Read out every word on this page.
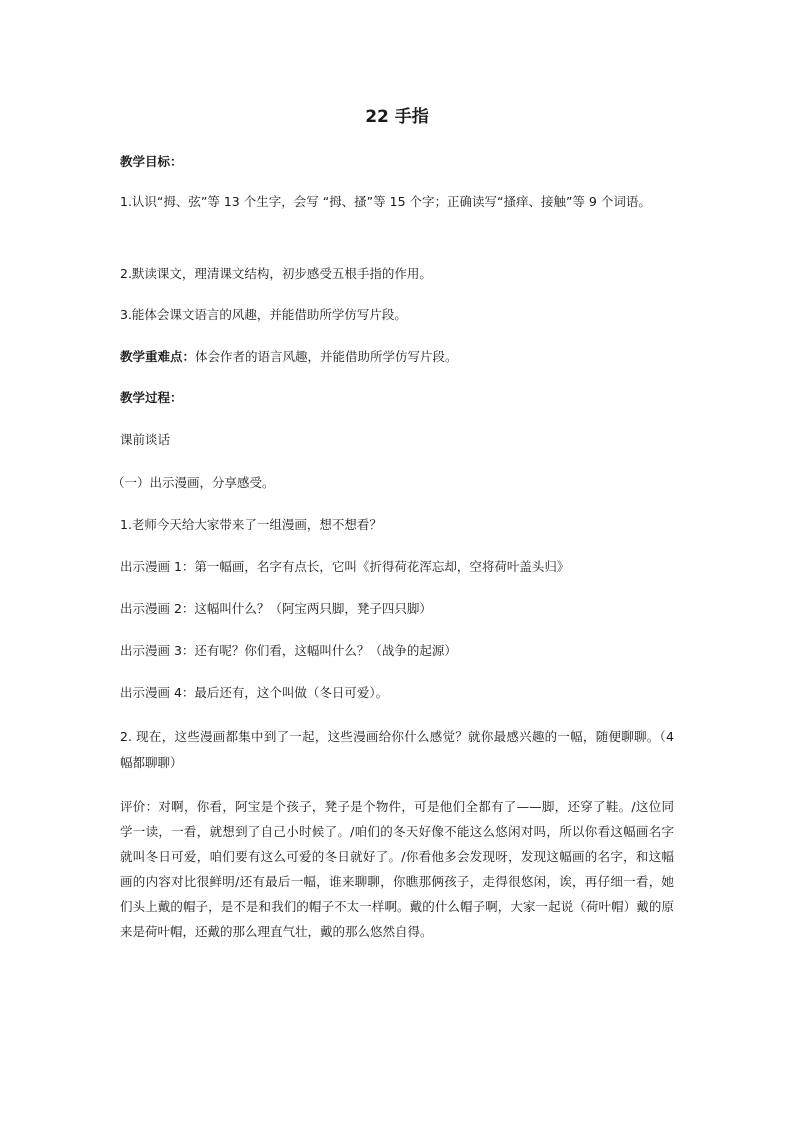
22 手指
教学目标：
1.认识“拇、弦”等 13 个生字，会写 “拇、搔”等 15 个字；正确读写“搔痒、接触”等 9 个词语。
2.默读课文，理清课文结构，初步感受五根手指的作用。
3.能体会课文语言的风趣，并能借助所学仿写片段。
教学重难点：体会作者的语言风趣，并能借助所学仿写片段。
教学过程：
课前谈话
（一）出示漫画，分享感受。
1.老师今天给大家带来了一组漫画，想不想看？
出示漫画 1：第一幅画，名字有点长，它叫《折得荷花浑忘却，空将荷叶盖头归》
出示漫画 2：这幅叫什么？（阿宝两只脚，凳子四只脚）
出示漫画 3：还有呢？你们看，这幅叫什么？（战争的起源）
出示漫画 4：最后还有，这个叫做（冬日可爱）。
2. 现在，这些漫画都集中到了一起，这些漫画给你什么感觉？就你最感兴趣的一幅，随便聊聊。（4 幅都聊聊）
评价：对啊，你看，阿宝是个孩子，凳子是个物件，可是他们全都有了——脚，还穿了鞋。/这位同学一读，一看，就想到了自己小时候了。/咱们的冬天好像不能这么悠闲对吗，所以你看这幅画名字就叫冬日可爱，咱们要有这么可爱的冬日就好了。/你看他多会发现呀，发现这幅画的名字，和这幅画的内容对比很鲜明/还有最后一幅，谁来聊聊，你瞧那俩孩子，走得很悠闲，诶，再仔细一看，她们头上戴的帽子，是不是和我们的帽子不太一样啊。戴的什么帽子啊，大家一起说（荷叶帽）戴的原来是荷叶帽，还戴的那么理直气壮，戴的那么悠然自得。
